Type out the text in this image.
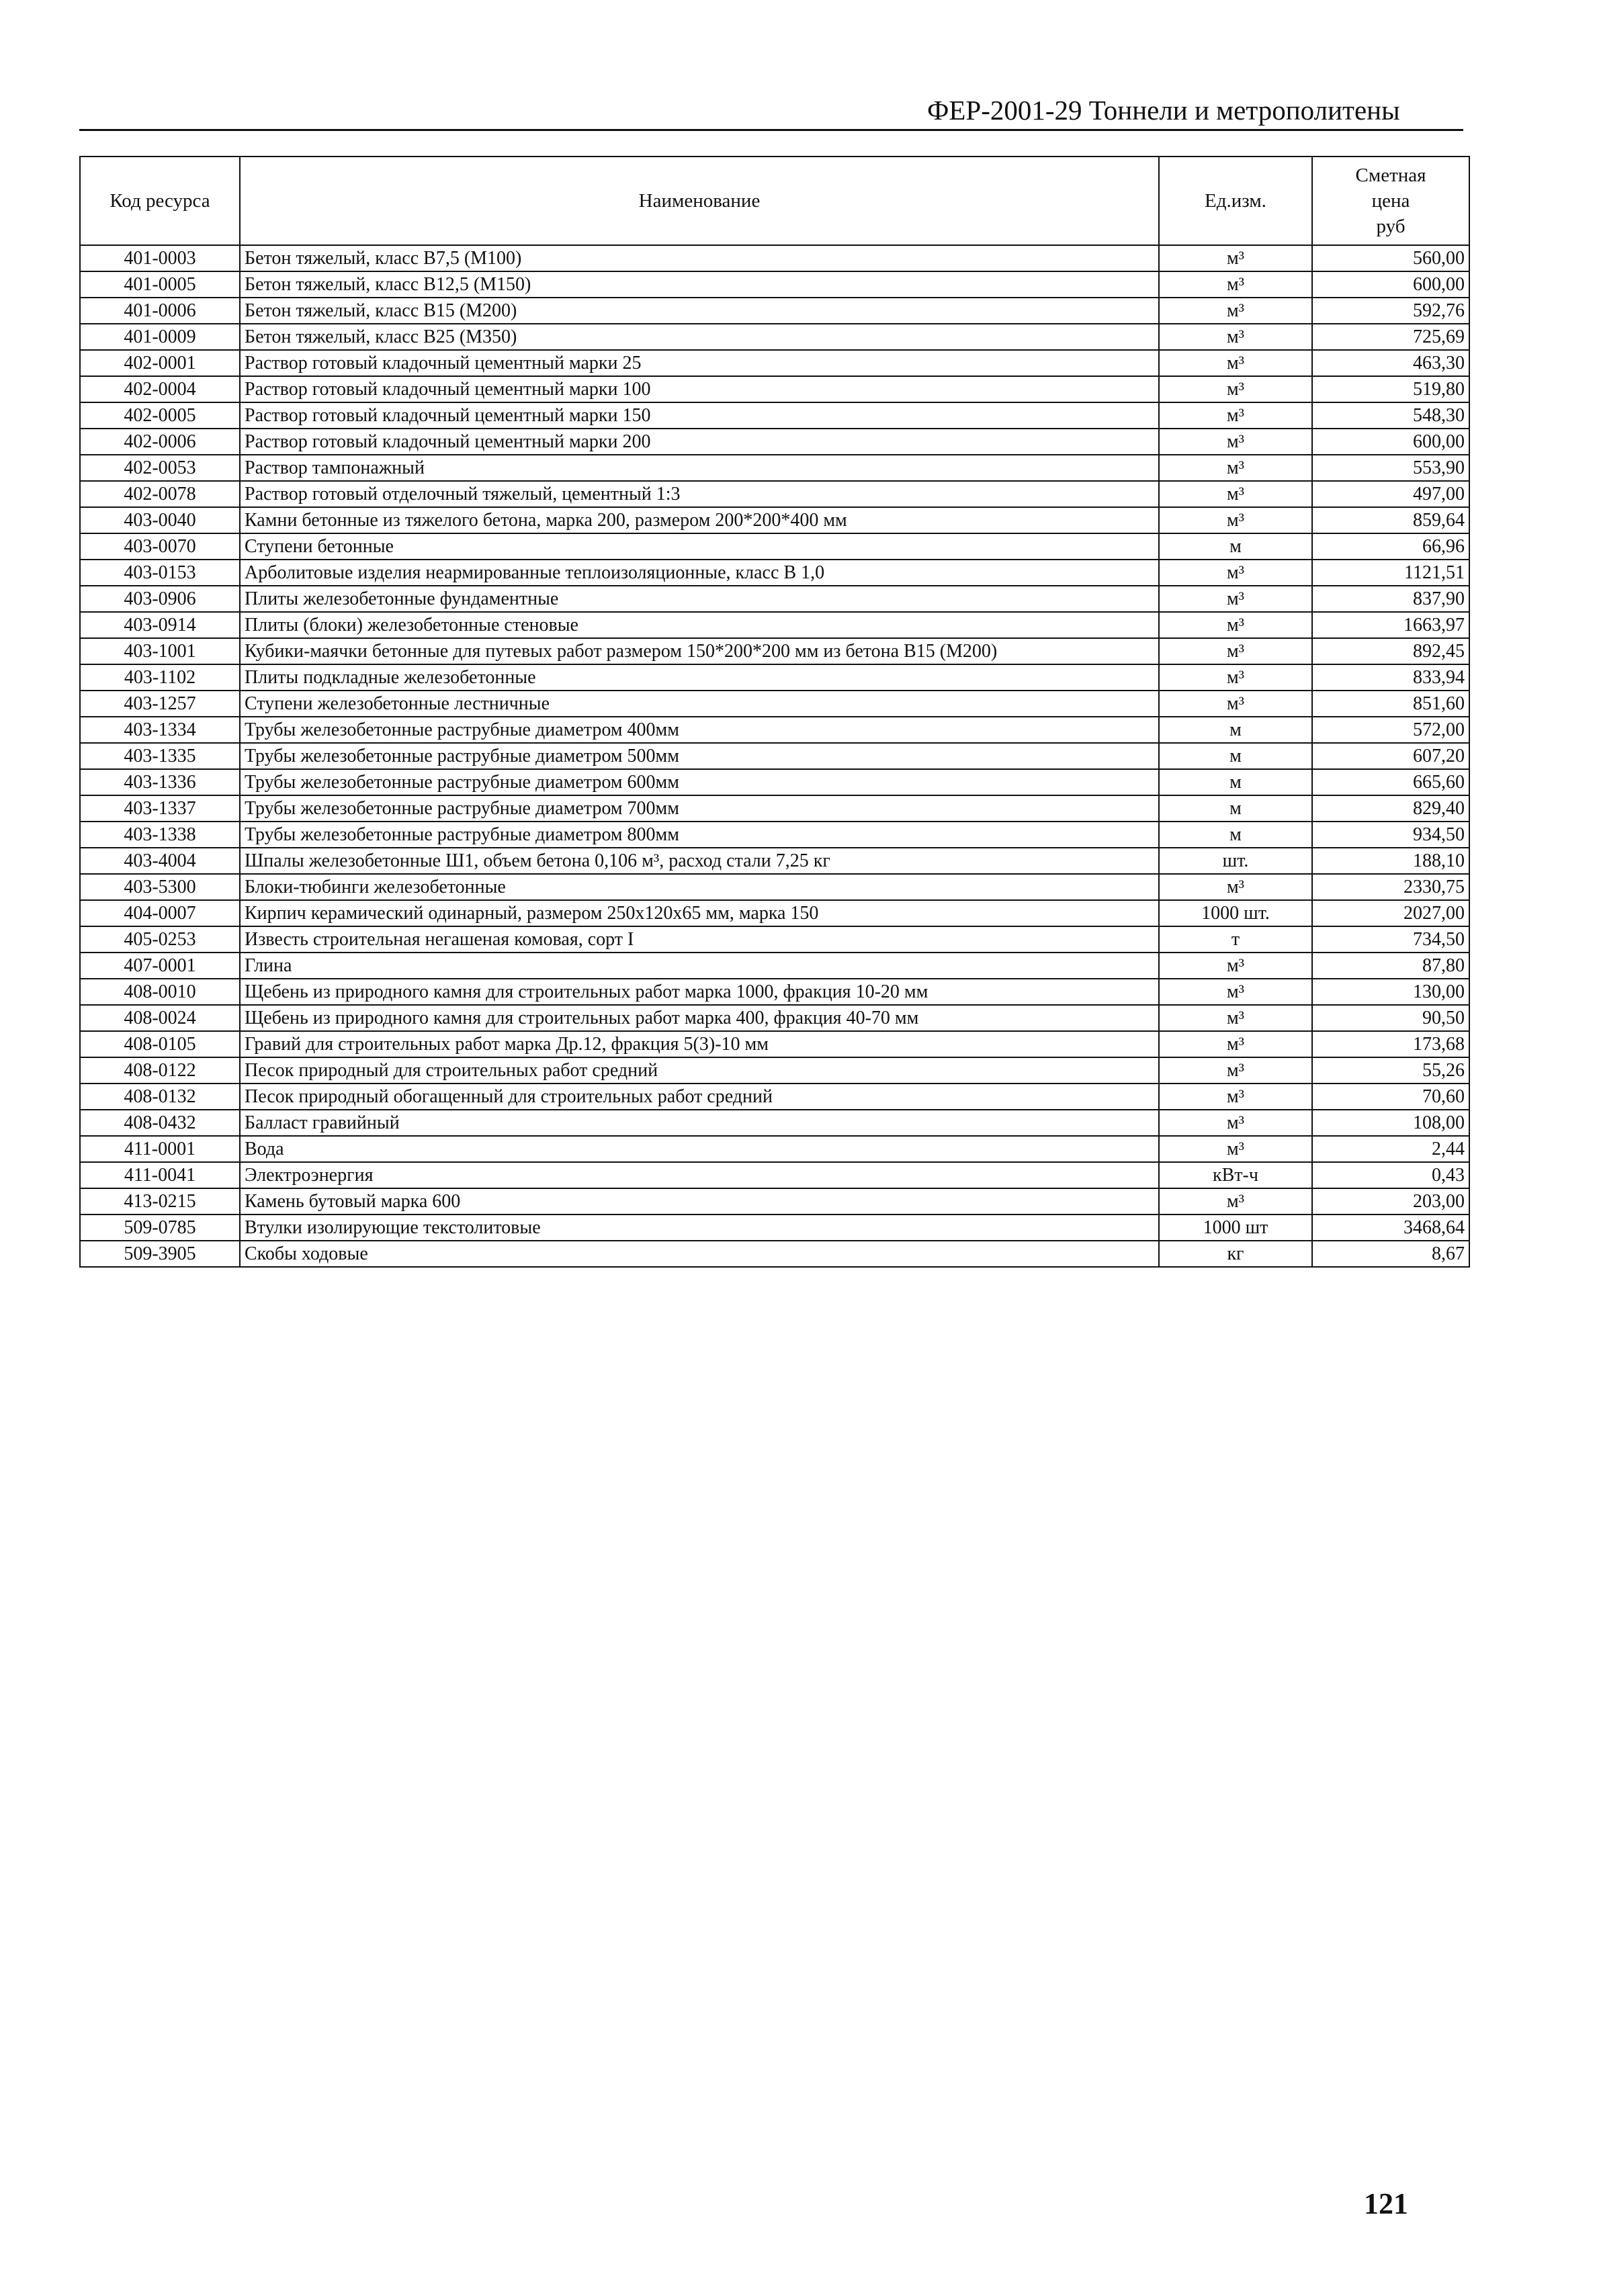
ФЕР-2001-29 Тоннели и метрополитены
Код ресурса	Наименование	Ед.изм.	Сметная
цена
руб

401-0003	Бетон тяжелый, класс В7,5 (М100)	м³	560,00
401-0005	Бетон тяжелый, класс В12,5 (М150)	м³	600,00
401-0006	Бетон тяжелый, класс В15 (М200)	м³	592,76
401-0009	Бетон тяжелый, класс В25 (М350)	м³	725,69
402-0001	Раствор готовый кладочный цементный марки 25	м³	463,30
402-0004	Раствор готовый кладочный цементный марки 100	м³	519,80
402-0005	Раствор готовый кладочный цементный марки 150	м³	548,30
402-0006	Раствор готовый кладочный цементный марки 200	м³	600,00
402-0053	Раствор тампонажный	м³	553,90
402-0078	Раствор готовый отделочный тяжелый, цементный 1:3	м³	497,00
403-0040	Камни бетонные из тяжелого бетона, марка 200, размером 200*200*400 мм	м³	859,64
403-0070	Ступени бетонные	м	66,96
403-0153	Арболитовые изделия неармированные теплоизоляционные, класс В 1,0	м³	1121,51
403-0906	Плиты железобетонные фундаментные	м³	837,90
403-0914	Плиты (блоки) железобетонные стеновые	м³	1663,97
403-1001	Кубики-маячки бетонные для путевых работ размером 150*200*200 мм из бетона В15 (М200)	м³	892,45
403-1102	Плиты подкладные железобетонные	м³	833,94
403-1257	Ступени железобетонные лестничные	м³	851,60
403-1334	Трубы железобетонные раструбные диаметром 400мм	м	572,00
403-1335	Трубы железобетонные раструбные диаметром 500мм	м	607,20
403-1336	Трубы железобетонные раструбные диаметром 600мм	м	665,60
403-1337	Трубы железобетонные раструбные диаметром 700мм	м	829,40
403-1338	Трубы железобетонные раструбные диаметром 800мм	м	934,50
403-4004	Шпалы железобетонные Ш1, объем бетона 0,106 м³, расход стали 7,25 кг	шт.	188,10
403-5300	Блоки-тюбинги железобетонные	м³	2330,75
404-0007	Кирпич керамический одинарный, размером 250х120х65 мм, марка 150	1000 шт.	2027,00
405-0253	Известь строительная негашеная комовая, сорт I	т	734,50
407-0001	Глина	м³	87,80
408-0010	Щебень из природного камня для строительных работ марка 1000, фракция 10-20 мм	м³	130,00
408-0024	Щебень из природного камня для строительных работ марка 400, фракция 40-70 мм	м³	90,50
408-0105	Гравий для строительных работ марка Др.12, фракция 5(3)-10 мм	м³	173,68
408-0122	Песок природный для строительных работ средний	м³	55,26
408-0132	Песок природный обогащенный для строительных работ средний	м³	70,60
408-0432	Балласт гравийный	м³	108,00
411-0001	Вода	м³	2,44
411-0041	Электроэнергия	кВт-ч	0,43
413-0215	Камень бутовый марка 600	м³	203,00
509-0785	Втулки изолирующие текстолитовые	1000 шт	3468,64
509-3905	Скобы ходовые	кг	8,67
121
